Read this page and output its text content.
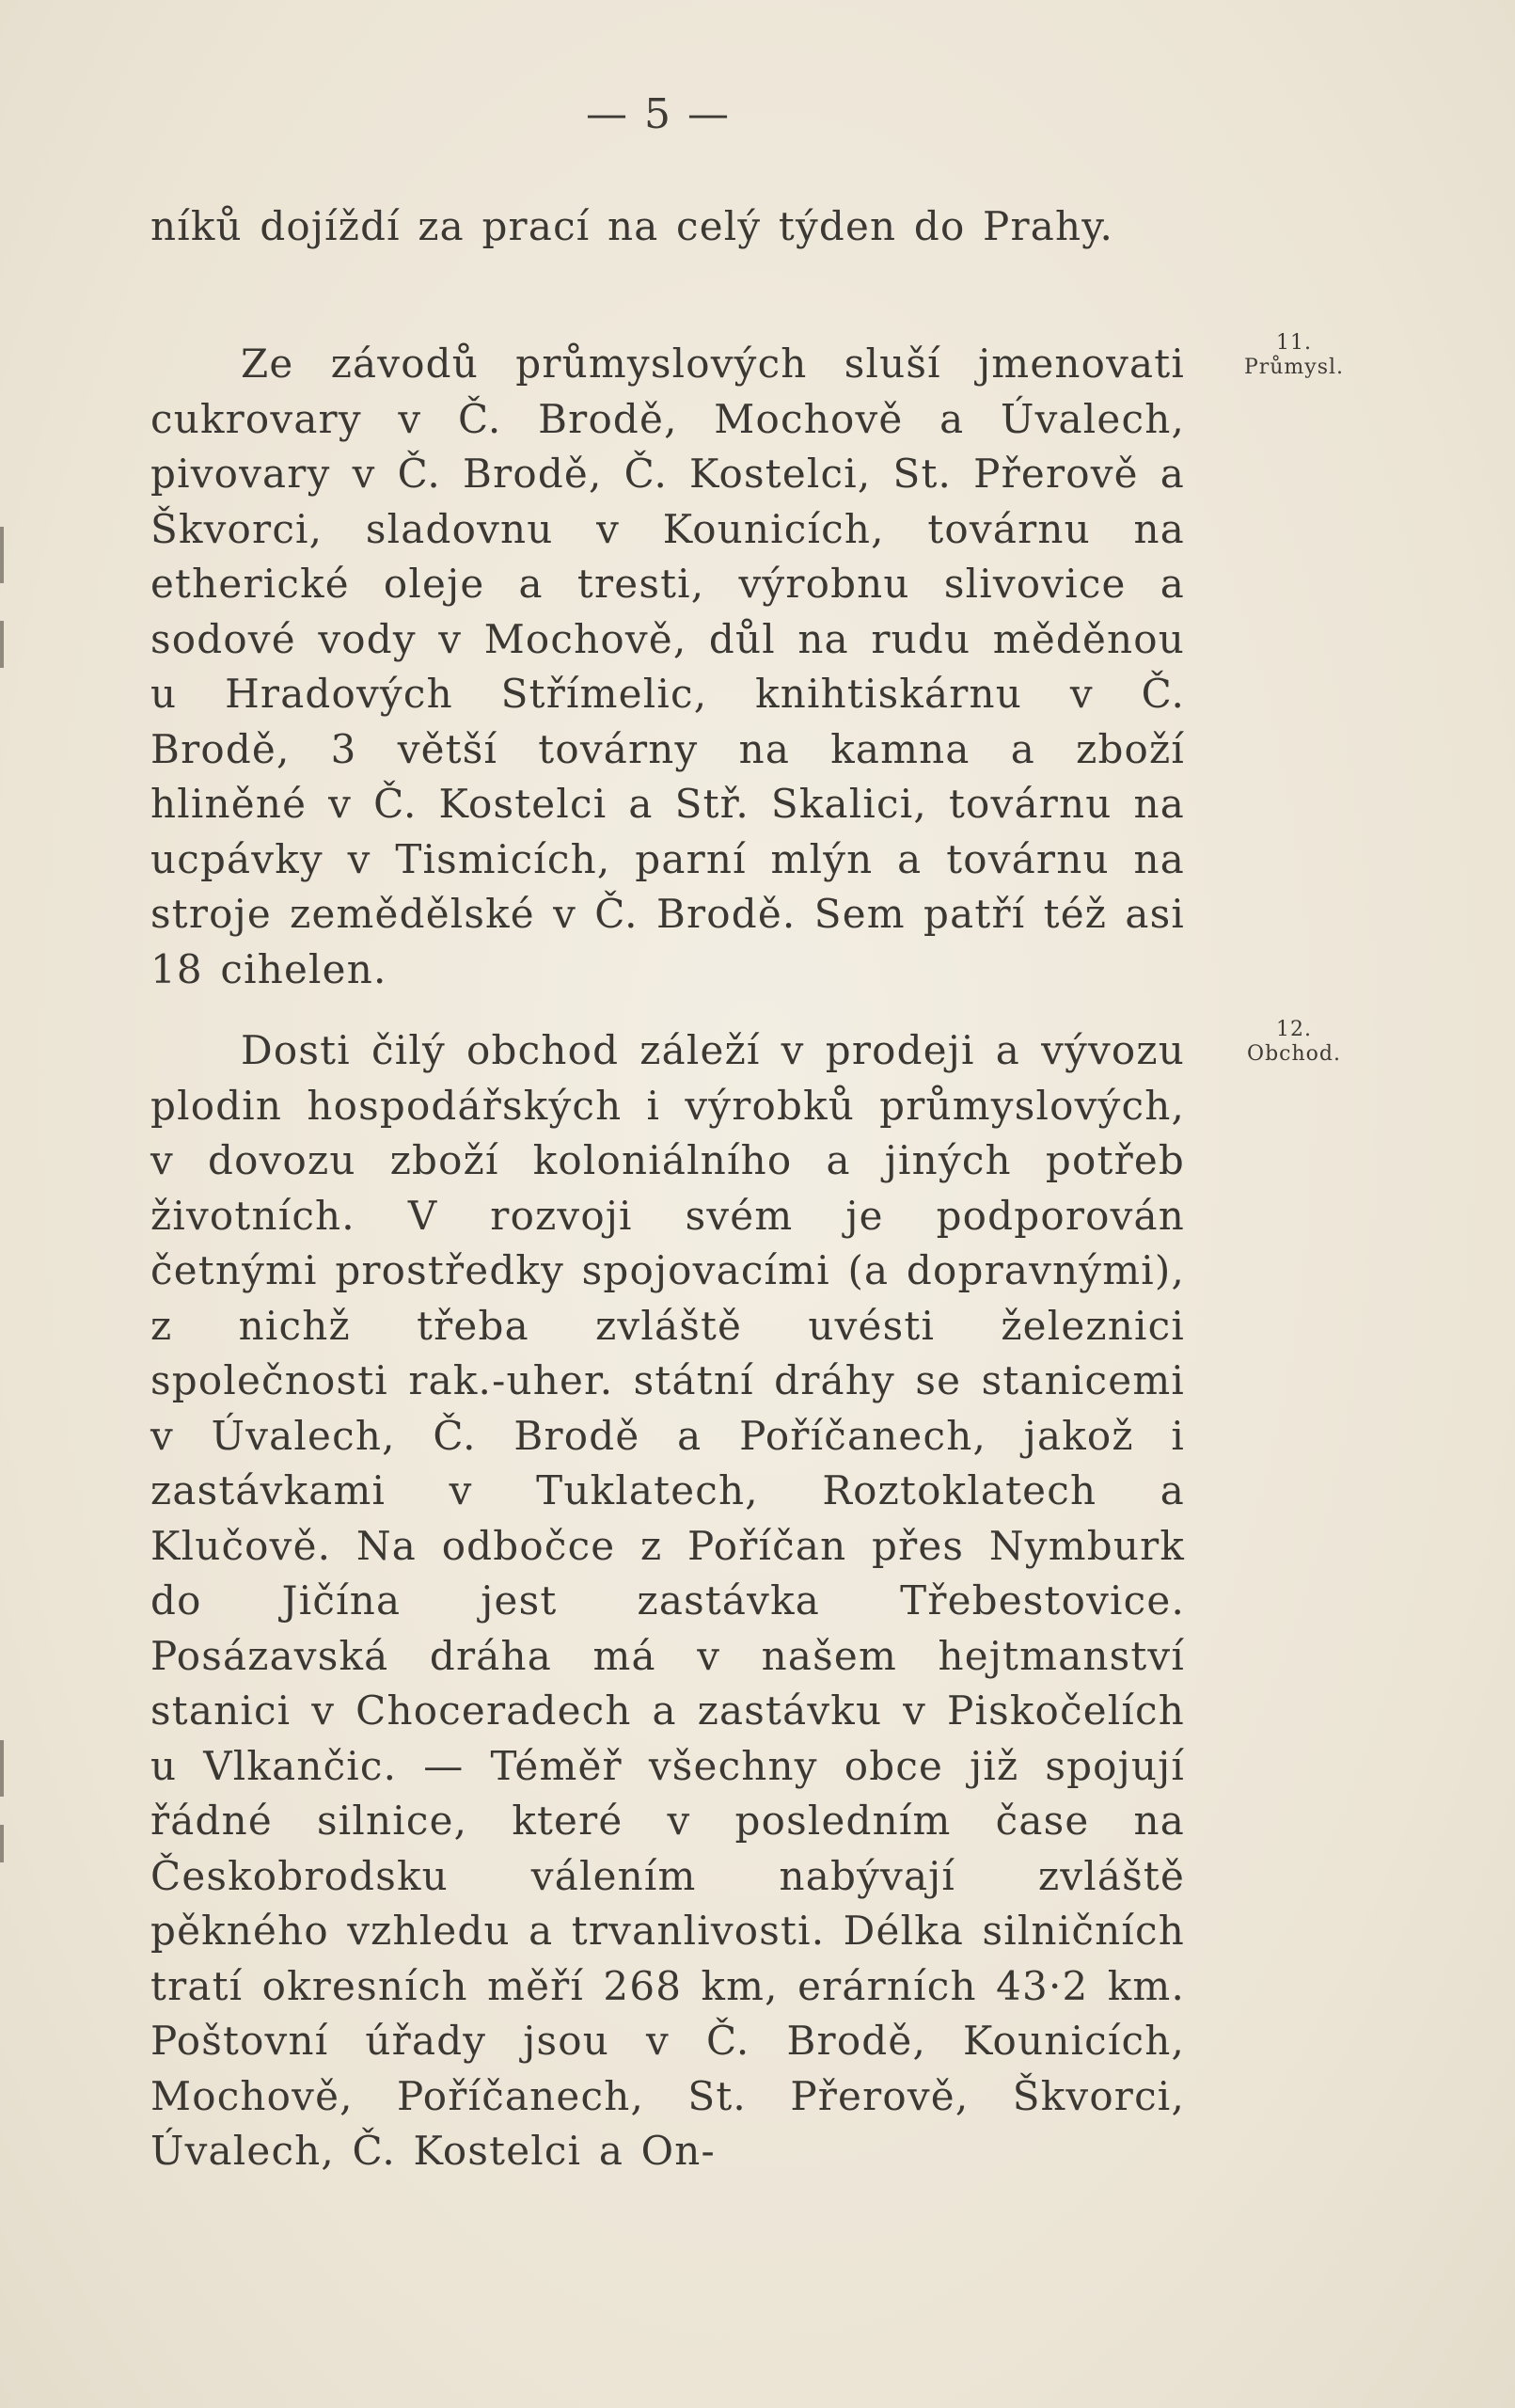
— 5 —

níků dojíždí za prací na celý týden do Prahy.

Ze závodů průmyslových sluší jmenovati cukrovary v Č. Brodě, Mochově a Úvalech, pivovary v Č. Brodě, Č. Kostelci, St. Přerově a Škvorci, sladovnu v Kounicích, továrnu na etherické oleje a tresti, výrobnu slivovice a sodové vody v Mochově, důl na rudu měděnou u Hradových Střímelic, knihtiskárnu v Č. Brodě, 3 větší továrny na kamna a zboží hliněné v Č. Kostelci a Stř. Skalici, továrnu na ucpávky v Tismicích, parní mlýn a továrnu na stroje zemědělské v Č. Brodě. Sem patří též asi 18 cihelen.

Dosti čilý obchod záleží v prodeji a vývozu plodin hospodářských i výrobků průmyslových, v dovozu zboží koloniálního a jiných potřeb životních. V rozvoji svém je podporován četnými prostředky spojovacími (a dopravnými), z nichž třeba zvláště uvésti železnici společnosti rak.-uher. státní dráhy se stanicemi v Úvalech, Č. Brodě a Poříčanech, jakož i zastávkami v Tuklatech, Roztoklatech a Klučově. Na odbočce z Poříčan přes Nymburk do Jičína jest zastávka Třebestovice. Posázavská dráha má v našem hejtmanství stanici v Choceradech a zastávku v Piskočelích u Vlkančic. — Téměř všechny obce již spojují řádné silnice, které v posledním čase na Českobrodsku válením nabývají zvláště pěkného vzhledu a trvanlivosti. Délka silničních tratí okresních měří 268 km, erárních 43·2 km. Poštovní úřady jsou v Č. Brodě, Kounicích, Mochově, Poříčanech, St. Přerově, Škvorci, Úvalech, Č. Kostelci a On-

11.
Průmysl.
12.
Obchod.
